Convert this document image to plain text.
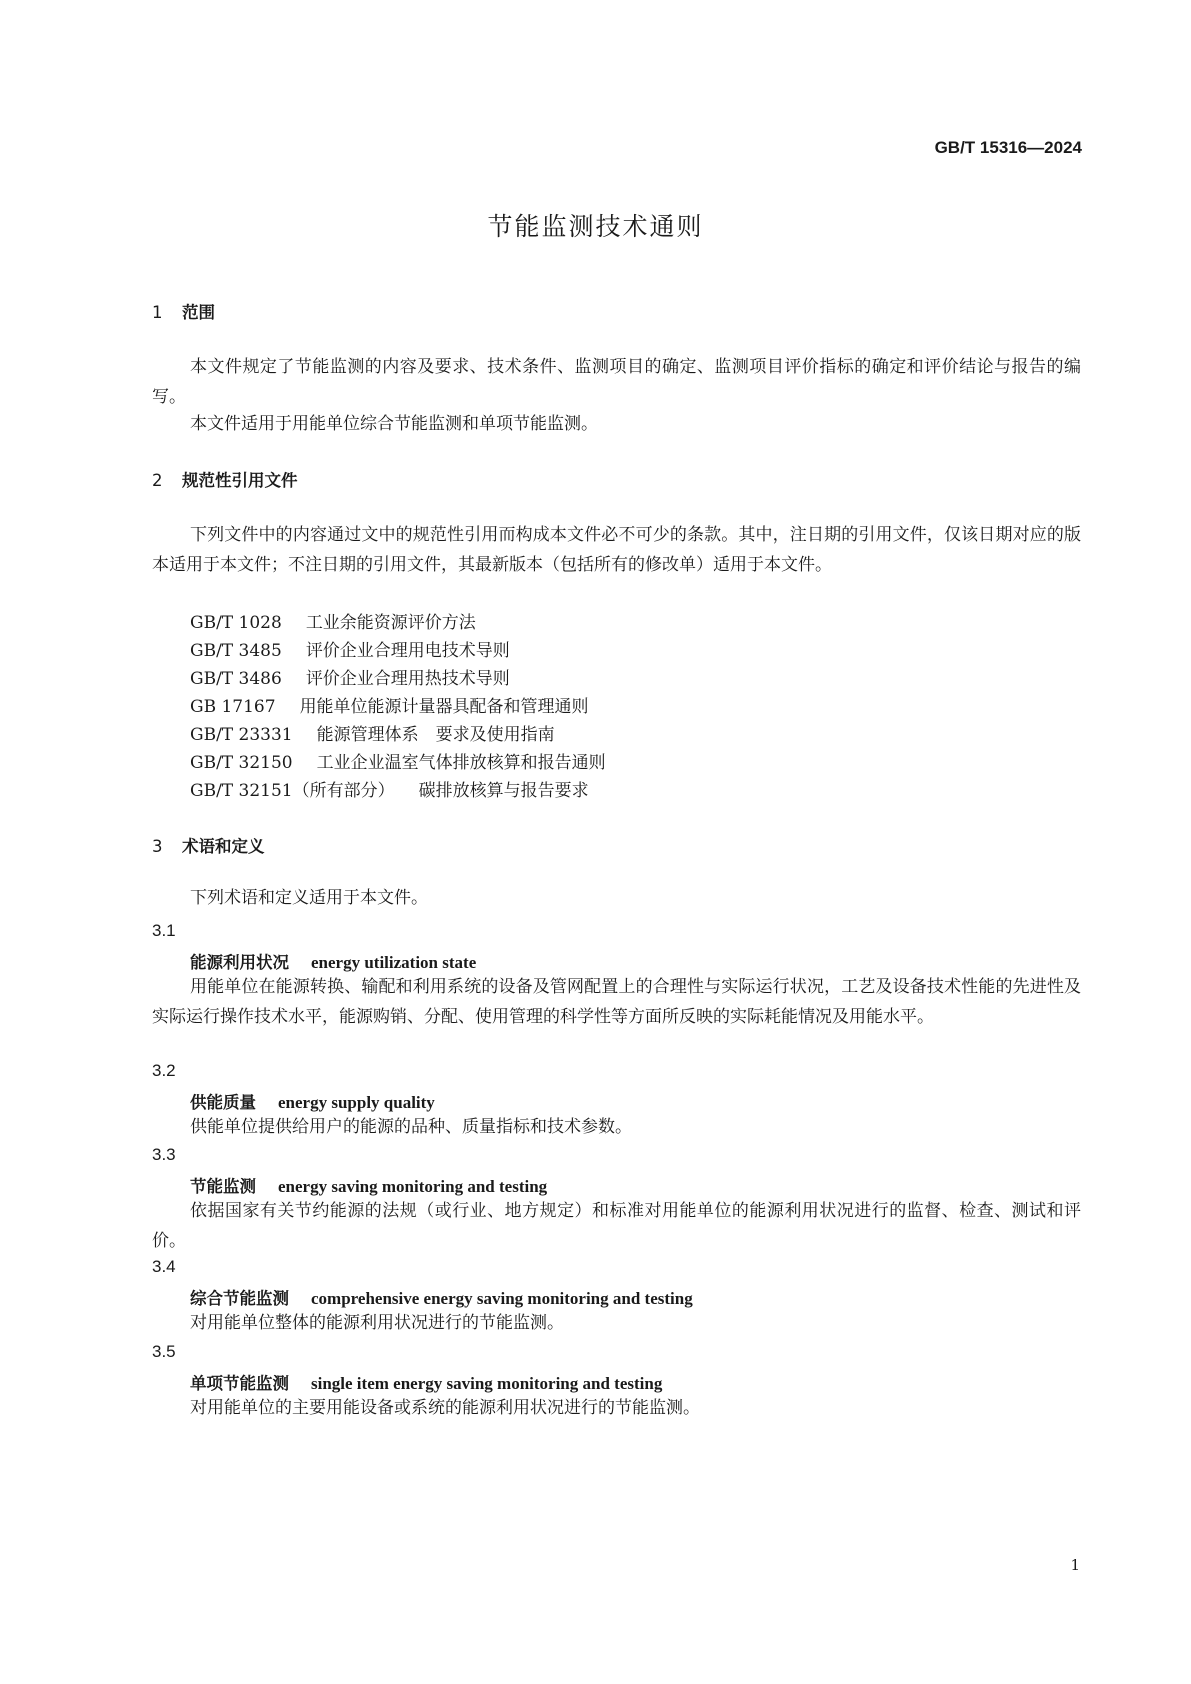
GB/T 15316—2024
节能监测技术通则
1 范围
本文件规定了节能监测的内容及要求、技术条件、监测项目的确定、监测项目评价指标的确定和评价结论与报告的编写。
本文件适用于用能单位综合节能监测和单项节能监测。
2 规范性引用文件
下列文件中的内容通过文中的规范性引用而构成本文件必不可少的条款。其中，注日期的引用文件，仅该日期对应的版本适用于本文件；不注日期的引用文件，其最新版本（包括所有的修改单）适用于本文件。
GB/T 1028 工业余能资源评价方法
GB/T 3485 评价企业合理用电技术导则
GB/T 3486 评价企业合理用热技术导则
GB 17167 用能单位能源计量器具配备和管理通则
GB/T 23331 能源管理体系　要求及使用指南
GB/T 32150 工业企业温室气体排放核算和报告通则
GB/T 32151（所有部分） 碳排放核算与报告要求
3 术语和定义
下列术语和定义适用于本文件。
3.1
能源利用状况 energy utilization state
用能单位在能源转换、输配和利用系统的设备及管网配置上的合理性与实际运行状况，工艺及设备技术性能的先进性及实际运行操作技术水平，能源购销、分配、使用管理的科学性等方面所反映的实际耗能情况及用能水平。
3.2
供能质量 energy supply quality
供能单位提供给用户的能源的品种、质量指标和技术参数。
3.3
节能监测 energy saving monitoring and testing
依据国家有关节约能源的法规（或行业、地方规定）和标准对用能单位的能源利用状况进行的监督、检查、测试和评价。
3.4
综合节能监测 comprehensive energy saving monitoring and testing
对用能单位整体的能源利用状况进行的节能监测。
3.5
单项节能监测 single item energy saving monitoring and testing
对用能单位的主要用能设备或系统的能源利用状况进行的节能监测。
1
